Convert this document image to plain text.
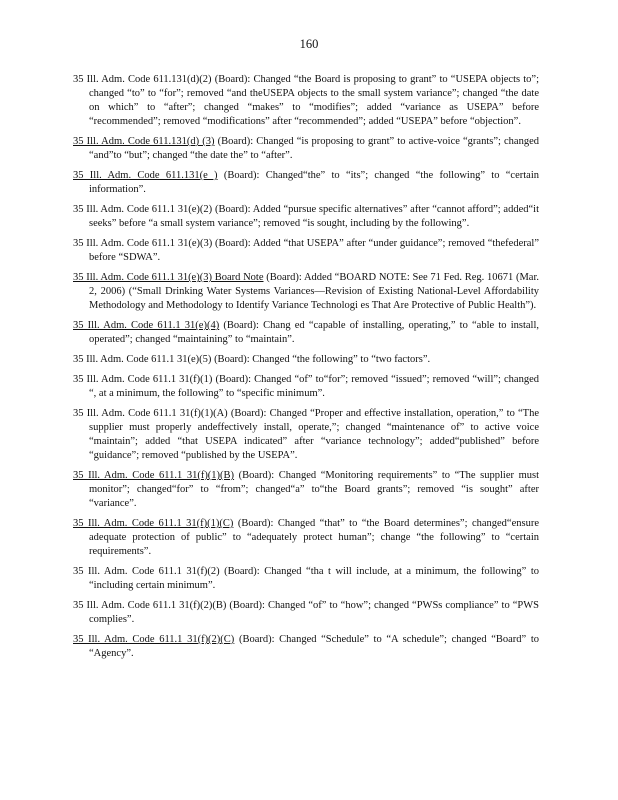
160
35 Ill. Adm. Code 611.131(d)(2) (Board): Changed “the Board is proposing to grant” to “USEPA objects to”; changed “to” to “for”; removed “and theUSEPA objects to the small system variance”; changed “the date on which” to “after”; changed “makes” to “modifies”; added “variance as USEPA” before “recommended”; removed “modifications” after “recommended”; added “USEPA” before “objection”.
35 Ill. Adm. Code 611.131(d) (3) (Board): Changed “is proposing to grant” to active-voice “grants”; changed “and”to “but”; changed “the date the” to “after”.
35 Ill. Adm. Code 611.131(e ) (Board): Changed“the” to “its”; changed “the following” to “certain information”.
35 Ill. Adm. Code 611.1 31(e)(2) (Board): Added “pursue specific alternatives” after “cannot afford”; added“it seeks” before “a small system variance”; removed “is sought, including by the following”.
35 Ill. Adm. Code 611.1 31(e)(3) (Board): Added “that USEPA” after “under guidance”; removed “thefederal” before “SDWA”.
35 Ill. Adm. Code 611.1 31(e)(3) Board Note (Board): Added “BOARD NOTE: See 71 Fed. Reg. 10671 (Mar. 2, 2006) (“Small Drinking Water Systems Variances—Revision of Existing National-Level Affordability Methodology and Methodology to Identify Variance Technologi es That Are Protective of Public Health”).
35 Ill. Adm. Code 611.1 31(e)(4) (Board): Chang ed “capable of installing, operating,” to “able to install, operated”; changed “maintaining” to “maintain”.
35 Ill. Adm. Code 611.1 31(e)(5) (Board): Changed “the following” to “two factors”.
35 Ill. Adm. Code 611.1 31(f)(1) (Board): Changed “of” to“for”; removed “issued”; removed “will”; changed “, at a minimum, the following” to “specific minimum”.
35 Ill. Adm. Code 611.1 31(f)(1)(A) (Board): Changed “Proper and effective installation, operation,” to “The supplier must properly andeffectively install, operate,”; changed “maintenance of” to active voice “maintain”; added “that USEPA indicated” after “variance technology”; added“published” before “guidance”; removed “published by the USEPA”.
35 Ill. Adm. Code 611.1 31(f)(1)(B) (Board): Changed “Monitoring requirements” to “The supplier must monitor”; changed“for” to “from”; changed“a” to“the Board grants”; removed “is sought” after “variance”.
35 Ill. Adm. Code 611.1 31(f)(1)(C) (Board): Changed “that” to “the Board determines”; changed“ensure adequate protection of public” to “adequately protect human”; change “the following” to “certain requirements”.
35 Ill. Adm. Code 611.1 31(f)(2) (Board): Changed “tha t will include, at a minimum, the following” to “including certain minimum”.
35 Ill. Adm. Code 611.1 31(f)(2)(B) (Board): Changed “of” to “how”; changed “PWSs compliance” to “PWS complies”.
35 Ill. Adm. Code 611.1 31(f)(2)(C) (Board): Changed “Schedule” to “A schedule”; changed “Board” to “Agency”.
